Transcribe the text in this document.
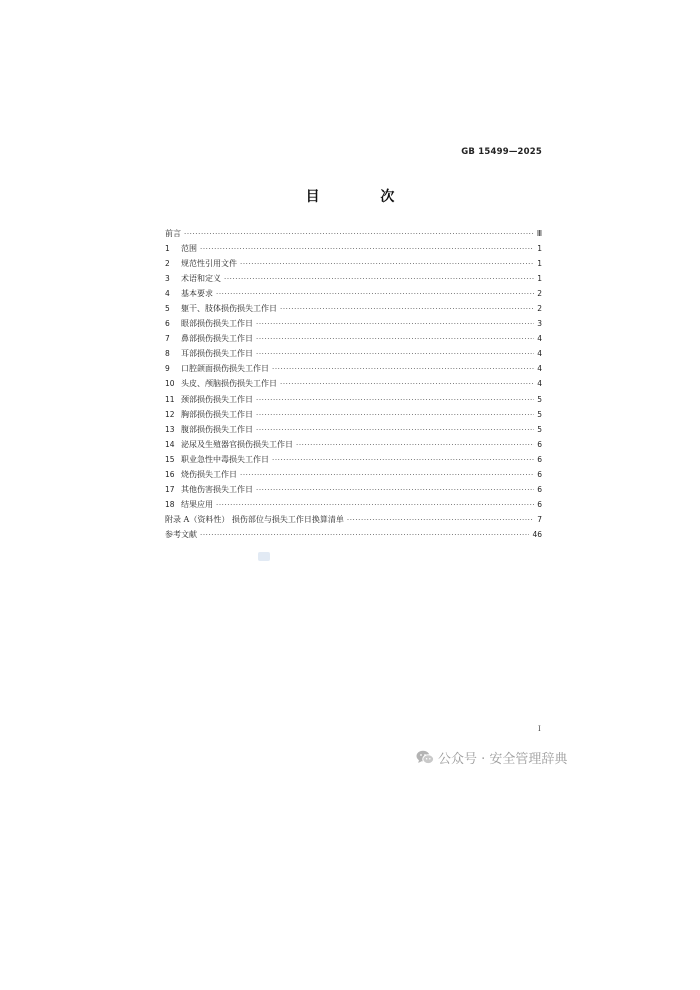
GB 15499—2025
目 次
前言 ·····	Ⅲ
1	范围 ·····	1
2	规范性引用文件 ·····	1
3	术语和定义 ·····	1
4	基本要求 ·····	2
5	躯干、肢体损伤损失工作日 ·····	2
6	眼部损伤损失工作日 ·····	3
7	鼻部损伤损失工作日 ·····	4
8	耳部损伤损失工作日 ·····	4
9	口腔颌面损伤损失工作日 ·····	4
10 头皮、颅脑损伤损失工作日 ·····	4
11 颈部损伤损失工作日 ·····	5
12 胸部损伤损失工作日 ·····	5
13 腹部损伤损失工作日 ·····	5
14 泌尿及生殖器官损伤损失工作日 ·····	6
15 职业急性中毒损失工作日 ·····	6
16 烧伤损失工作日 ·····	6
17 其他伤害损失工作日 ·····	6
18 结果应用 ·····	6
附录 A（资料性） 损伤部位与损失工作日换算清单 ·····	7
参考文献 ·····	46
I
公众号 · 安全管理辞典
